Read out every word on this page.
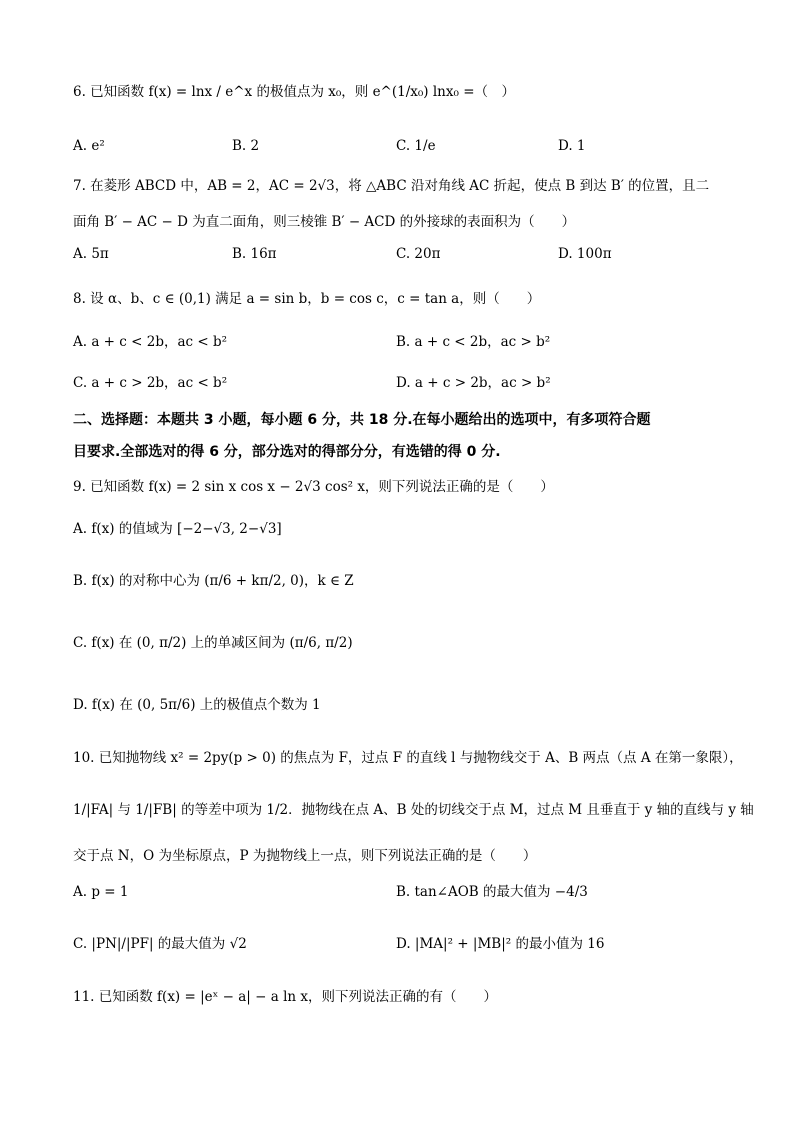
6. 已知函数 f(x) = lnx / e^x 的极值点为 x₀，则 e^(1/x₀) lnx₀ =（　）
A. e²	B. 2	C. 1/e	D. 1
7. 在菱形 ABCD 中，AB = 2，AC = 2√3，将 △ABC 沿对角线 AC 折起，使点 B 到达 B′ 的位置，且二
面角 B′ − AC − D 为直二面角，则三棱锥 B′ − ACD 的外接球的表面积为（　　）
A. 5π	B. 16π	C. 20π	D. 100π
8. 设 α、b、c ∈ (0,1) 满足 a = sin b，b = cos c，c = tan a，则（　　）
A. a + c < 2b，ac < b²	B. a + c < 2b，ac > b²
C. a + c > 2b，ac < b²	D. a + c > 2b，ac > b²
二、选择题：本题共 3 小题，每小题 6 分，共 18 分.在每小题给出的选项中，有多项符合题
目要求.全部选对的得 6 分，部分选对的得部分分，有选错的得 0 分.
9. 已知函数 f(x) = 2 sin x cos x − 2√3 cos² x，则下列说法正确的是（　　）
A. f(x) 的值域为 [−2−√3, 2−√3]
B. f(x) 的对称中心为 (π/6 + kπ/2, 0)，k ∈ Z
C. f(x) 在 (0, π/2) 上的单减区间为 (π/6, π/2)
D. f(x) 在 (0, 5π/6) 上的极值点个数为 1
10. 已知抛物线 x² = 2py(p > 0) 的焦点为 F，过点 F 的直线 l 与抛物线交于 A、B 两点（点 A 在第一象限），
1/|FA| 与 1/|FB| 的等差中项为 1/2．抛物线在点 A、B 处的切线交于点 M，过点 M 且垂直于 y 轴的直线与 y 轴
交于点 N，O 为坐标原点，P 为抛物线上一点，则下列说法正确的是（　　）
A. p = 1	B. tan∠AOB 的最大值为 −4/3
C. |PN|/|PF| 的最大值为 √2	D. |MA|² + |MB|² 的最小值为 16
11. 已知函数 f(x) = |eˣ − a| − a ln x，则下列说法正确的有（　　）
